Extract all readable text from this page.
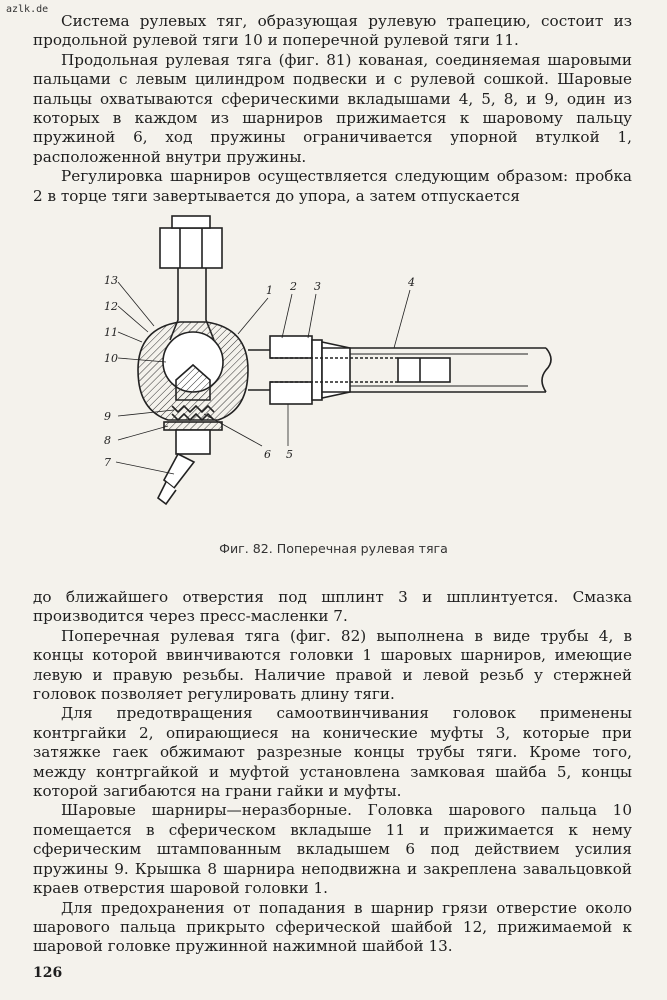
azlk.de

Система рулевых тяг, образующая рулевую трапецию, состоит из продольной рулевой тяги 10 и поперечной рулевой тяги 11.

Продольная рулевая тяга (фиг. 81) кованая, соединяемая шаровыми пальцами с левым цилиндром подвески и с рулевой сошкой. Шаровые пальцы охватываются сферическими вкладышами 4, 5, 8, и 9, один из которых в каждом из шарниров прижимается к шаровому пальцу пружиной 6, ход пружины ограничивается упорной втулкой 1, расположенной внутри пружины.

Регулировка шарниров осуществляется следующим образом: пробка 2 в торце тяги завертывается до упора, а затем отпускается

13
12
11
10
9
8
7
1 2 3	4
6 5
Фиг. 82. Поперечная рулевая тяга

до ближайшего отверстия под шплинт 3 и шплинтуется. Смазка производится через пресс-масленки 7.

Поперечная рулевая тяга (фиг. 82) выполнена в виде трубы 4, в концы которой ввинчиваются головки 1 шаровых шарниров, имеющие левую и правую резьбы. Наличие правой и левой резьб у стержней головок позволяет регулировать длину тяги.

Для предотвращения самоотвинчивания головок применены контргайки 2, опирающиеся на конические муфты 3, которые при затяжке гаек обжимают разрезные концы трубы тяги. Кроме того, между контргайкой и муфтой установлена замковая шайба 5, концы которой загибаются на грани гайки и муфты.

Шаровые шарниры—неразборные. Головка шарового пальца 10 помещается в сферическом вкладыше 11 и прижимается к нему сферическим штампованным вкладышем 6 под действием усилия пружины 9. Крышка 8 шарнира неподвижна и закреплена завальцовкой краев отверстия шаровой головки 1.

Для предохранения от попадания в шарнир грязи отверстие около шарового пальца прикрыто сферической шайбой 12, прижимаемой к шаровой головке пружинной нажимной шайбой 13.

126
